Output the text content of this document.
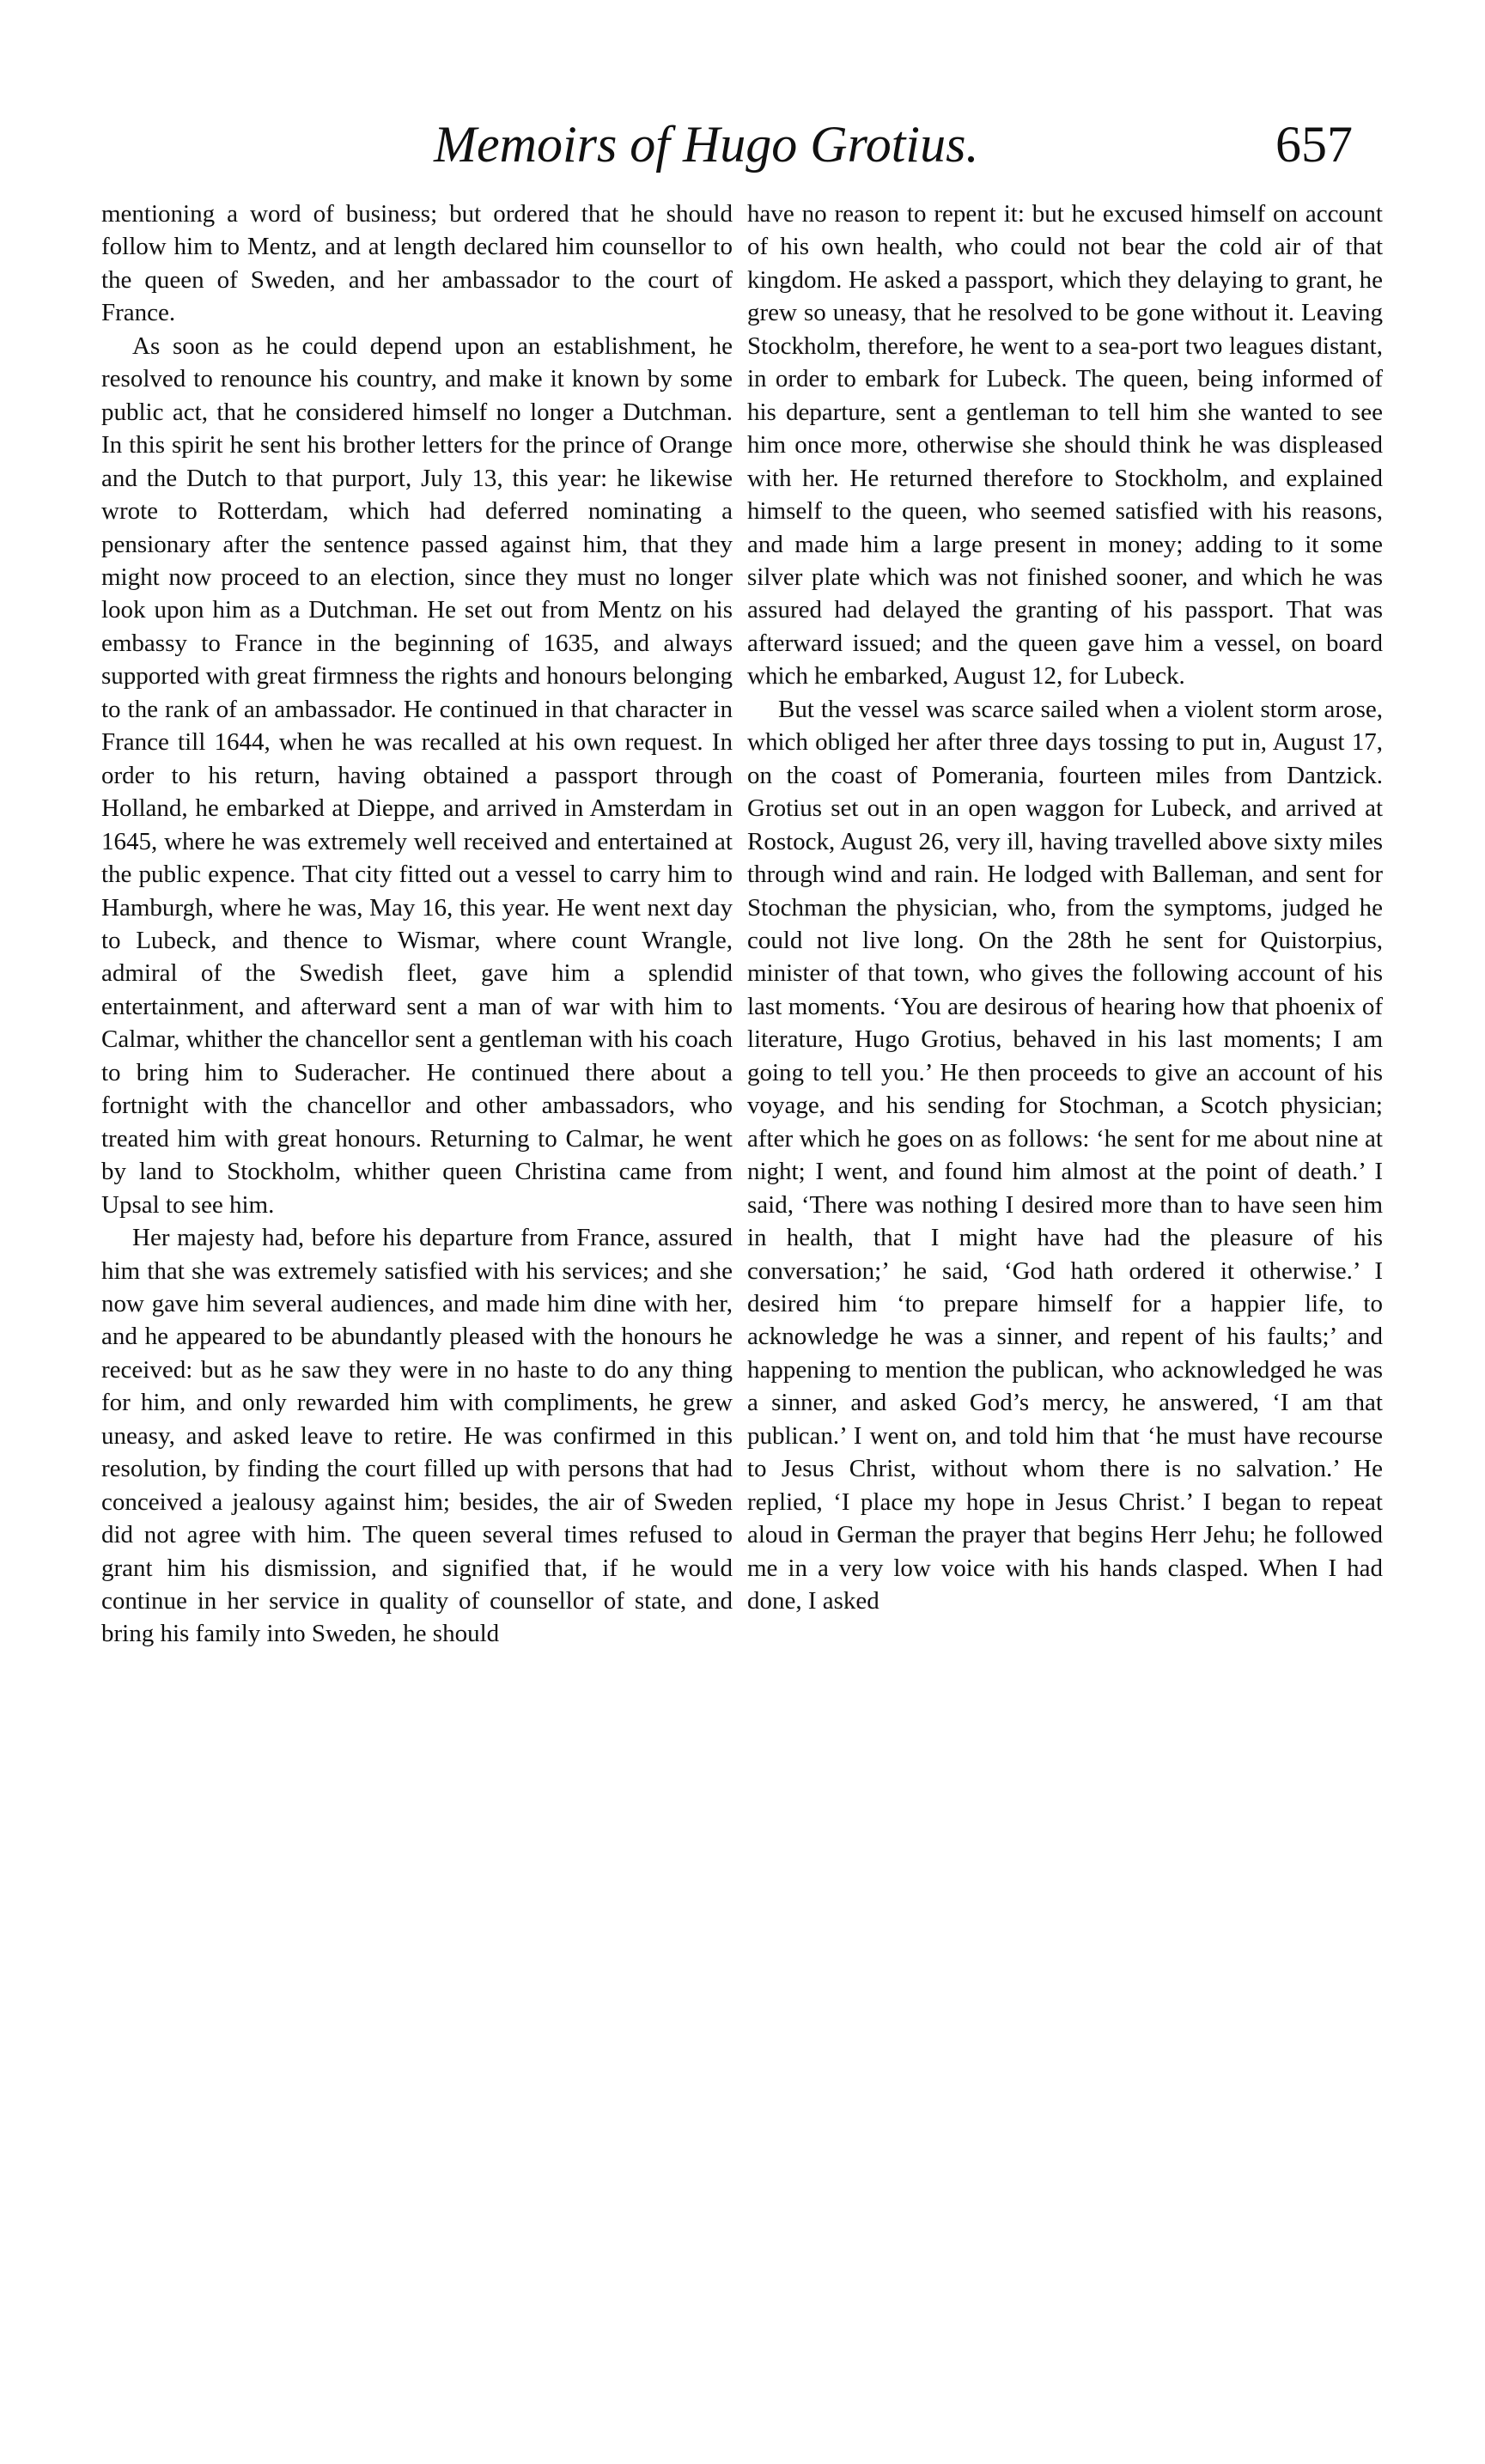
Memoirs of Hugo Grotius.	657

mentioning a word of business; but ordered that he should follow him to Mentz, and at length declared him counsellor to the queen of Sweden, and her ambassador to the court of France.

As soon as he could depend upon an establishment, he resolved to renounce his country, and make it known by some public act, that he considered himself no longer a Dutchman. In this spirit he sent his brother letters for the prince of Orange and the Dutch to that purport, July 13, this year: he likewise wrote to Rotterdam, which had deferred nominating a pensionary after the sentence passed against him, that they might now proceed to an election, since they must no longer look upon him as a Dutchman. He set out from Mentz on his embassy to France in the beginning of 1635, and always supported with great firmness the rights and honours belonging to the rank of an ambassador. He continued in that character in France till 1644, when he was recalled at his own request. In order to his return, having obtained a passport through Holland, he embarked at Dieppe, and arrived in Amsterdam in 1645, where he was extremely well received and entertained at the public expence. That city fitted out a vessel to carry him to Hamburgh, where he was, May 16, this year. He went next day to Lubeck, and thence to Wismar, where count Wrangle, admiral of the Swedish fleet, gave him a splendid entertainment, and afterward sent a man of war with him to Calmar, whither the chancellor sent a gentleman with his coach to bring him to Suderacher. He continued there about a fortnight with the chancellor and other ambassadors, who treated him with great honours. Returning to Calmar, he went by land to Stockholm, whither queen Christina came from Upsal to see him.

Her majesty had, before his departure from France, assured him that she was extremely satisfied with his services; and she now gave him several audiences, and made him dine with her, and he appeared to be abundantly pleased with the honours he received: but as he saw they were in no haste to do any thing for him, and only rewarded him with compliments, he grew uneasy, and asked leave to retire. He was confirmed in this resolution, by finding the court filled up with persons that had conceived a jealousy against him; besides, the air of Sweden did not agree with him. The queen several times refused to grant him his dismission, and signified that, if he would continue in her service in quality of counsellor of state, and bring his family into Sweden, he should

have no reason to repent it: but he excused himself on account of his own health, who could not bear the cold air of that kingdom. He asked a passport, which they delaying to grant, he grew so uneasy, that he resolved to be gone without it. Leaving Stockholm, therefore, he went to a sea-port two leagues distant, in order to embark for Lubeck. The queen, being informed of his departure, sent a gentleman to tell him she wanted to see him once more, otherwise she should think he was displeased with her. He returned therefore to Stockholm, and explained himself to the queen, who seemed satisfied with his reasons, and made him a large present in money; adding to it some silver plate which was not finished sooner, and which he was assured had delayed the granting of his passport. That was afterward issued; and the queen gave him a vessel, on board which he embarked, August 12, for Lubeck.

But the vessel was scarce sailed when a violent storm arose, which obliged her after three days tossing to put in, August 17, on the coast of Pomerania, fourteen miles from Dantzick. Grotius set out in an open waggon for Lubeck, and arrived at Rostock, August 26, very ill, having travelled above sixty miles through wind and rain. He lodged with Balleman, and sent for Stochman the physician, who, from the symptoms, judged he could not live long. On the 28th he sent for Quistorpius, minister of that town, who gives the following account of his last moments. ‘You are desirous of hearing how that phoenix of literature, Hugo Grotius, behaved in his last moments; I am going to tell you.’ He then proceeds to give an account of his voyage, and his sending for Stochman, a Scotch physician; after which he goes on as follows: ‘he sent for me about nine at night; I went, and found him almost at the point of death.’ I said, ‘There was nothing I desired more than to have seen him in health, that I might have had the pleasure of his conversation;’ he said, ‘God hath ordered it otherwise.’ I desired him ‘to prepare himself for a happier life, to acknowledge he was a sinner, and repent of his faults;’ and happening to mention the publican, who acknowledged he was a sinner, and asked God’s mercy, he answered, ‘I am that publican.’ I went on, and told him that ‘he must have recourse to Jesus Christ, without whom there is no salvation.’ He replied, ‘I place my hope in Jesus Christ.’ I began to repeat aloud in German the prayer that begins Herr Jehu; he followed me in a very low voice with his hands clasped. When I had done, I asked
